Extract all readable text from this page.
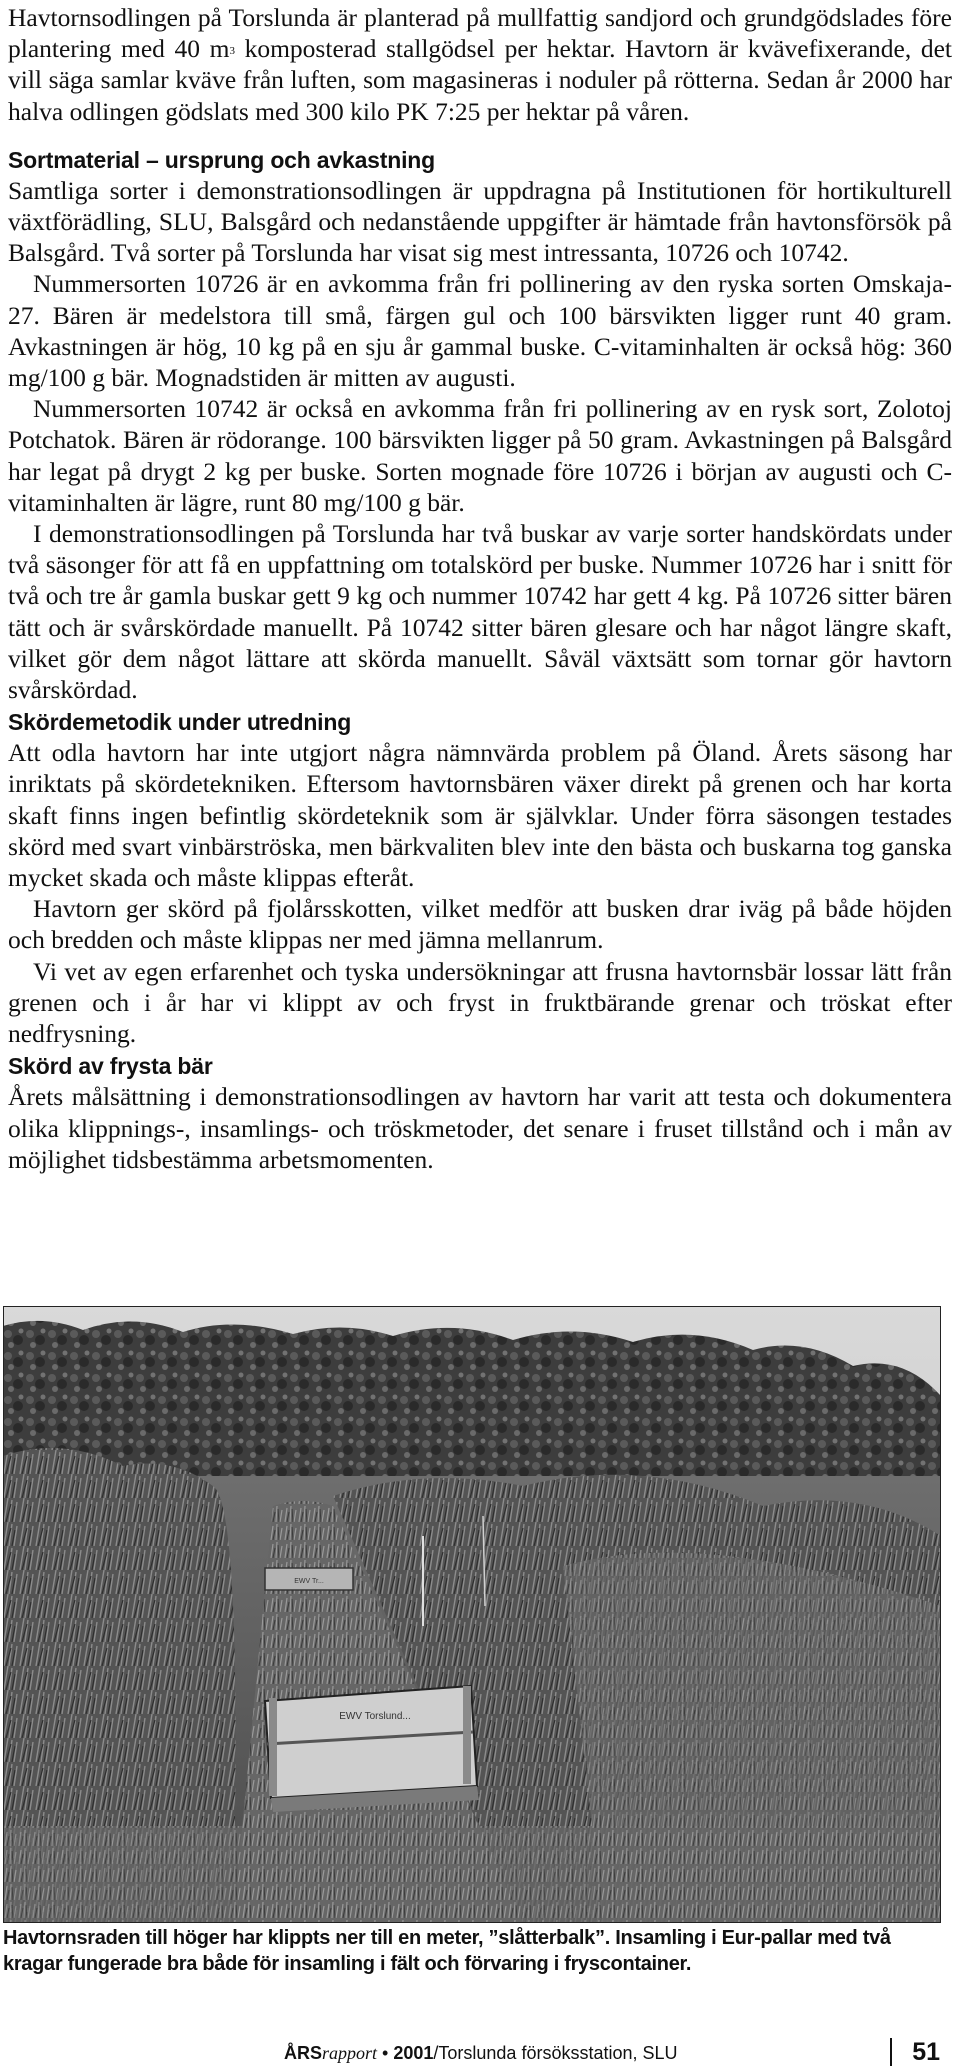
Havtornsodlingen på Torslunda är planterad på mullfattig sandjord och grundgödslades före plantering med 40 $m^3$ komposterad stallgödsel per hektar. Havtorn är kvävefixerande, det vill säga samlar kväve från luften, som magasineras i noduler på rötterna. Sedan år 2000 har halva odlingen gödslats med 300 kilo PK 7:25 per hektar på våren.

Sortmaterial – ursprung och avkastning

Samtliga sorter i demonstrationsodlingen är uppdragna på Institutionen för hortikulturell växtförädling, SLU, Balsgård och nedanstående uppgifter är hämtade från havtonsförsök på Balsgård. Två sorter på Torslunda har visat sig mest intressanta, 10726 och 10742.

Nummersorten 10726 är en avkomma från fri pollinering av den ryska sorten Omskaja-27. Bären är medelstora till små, färgen gul och 100 bärsvikten ligger runt 40 gram. Avkastningen är hög, 10 kg på en sju år gammal buske. C-vitaminhalten är också hög: 360 mg/100 g bär. Mognadstiden är mitten av augusti.

Nummersorten 10742 är också en avkomma från fri pollinering av en rysk sort, Zolotoj Potchatok. Bären är rödorange. 100 bärsvikten ligger på 50 gram. Avkastningen på Balsgård har legat på drygt 2 kg per buske. Sorten mognade före 10726 i början av augusti och C-vitaminhalten är lägre, runt 80 mg/100 g bär.

I demonstrationsodlingen på Torslunda har två buskar av varje sorter handskördats under två säsonger för att få en uppfattning om totalskörd per buske. Nummer 10726 har i snitt för två och tre år gamla buskar gett 9 kg och nummer 10742 har gett 4 kg. På 10726 sitter bären tätt och är svårskördade manuellt. På 10742 sitter bären glesare och har något längre skaft, vilket gör dem något lättare att skörda manuellt. Såväl växtsätt som tornar gör havtorn svårskördad.

Skördemetodik under utredning

Att odla havtorn har inte utgjort några nämnvärda problem på Öland. Årets säsong har inriktats på skördetekniken. Eftersom havtornsbären växer direkt på grenen och har korta skaft finns ingen befintlig skördeteknik som är självklar. Under förra säsongen testades skörd med svart vinbärströska, men bärkvaliten blev inte den bästa och buskarna tog ganska mycket skada och måste klippas efteråt.

Havtorn ger skörd på fjolårsskotten, vilket medför att busken drar iväg på både höjden och bredden och måste klippas ner med jämna mellanrum.

Vi vet av egen erfarenhet och tyska undersökningar att frusna havtornsbär lossar lätt från grenen och i år har vi klippt av och fryst in fruktbärande grenar och tröskat efter nedfrysning.

Skörd av frysta bär

Årets målsättning i demonstrationsodlingen av havtorn har varit att testa och dokumentera olika klippnings-, insamlings- och tröskmetoder, det senare i fruset tillstånd och i mån av möjlighet tidsbestämma arbetsmomenten.

EWV Tr...
EWV Torslund...
Havtornsraden till höger har klippts ner till en meter, ”slåtterbalk”. Insamling i Eur-pallar med två kragar fungerade bra både för insamling i fält och förvaring i fryscontainer.
ÅRSrapport • 2001/Torslunda försöksstation, SLU	51
